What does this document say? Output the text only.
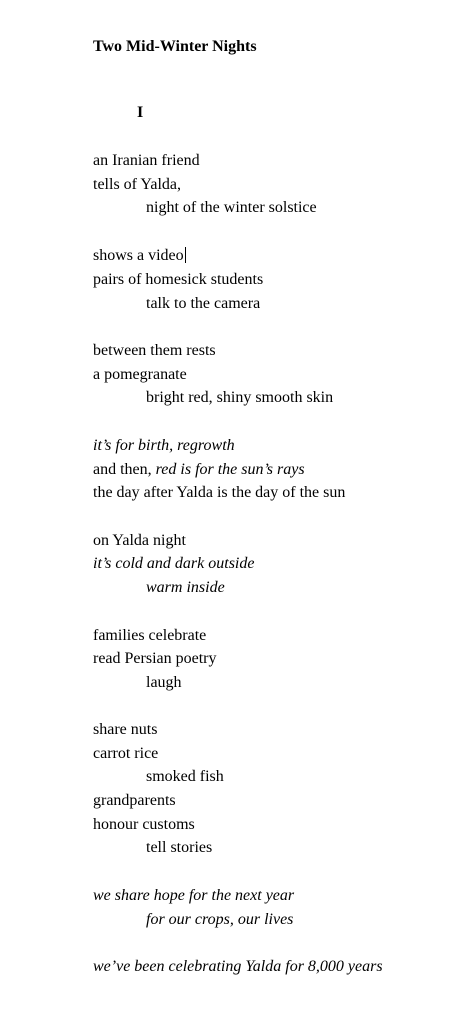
Two Mid-Winter Nights
I
an Iranian friend
tells of Yalda,
night of the winter solstice
shows a video
pairs of homesick students
talk to the camera
between them rests
a pomegranate
bright red, shiny smooth skin
it’s for birth, regrowth
and then, red is for the sun’s rays
the day after Yalda is the day of the sun
on Yalda night
it’s cold and dark outside
warm inside
families celebrate
read Persian poetry
laugh
share nuts
carrot rice
smoked fish
grandparents
honour customs
tell stories
we share hope for the next year
for our crops, our lives
we’ve been celebrating Yalda for 8,000 years
